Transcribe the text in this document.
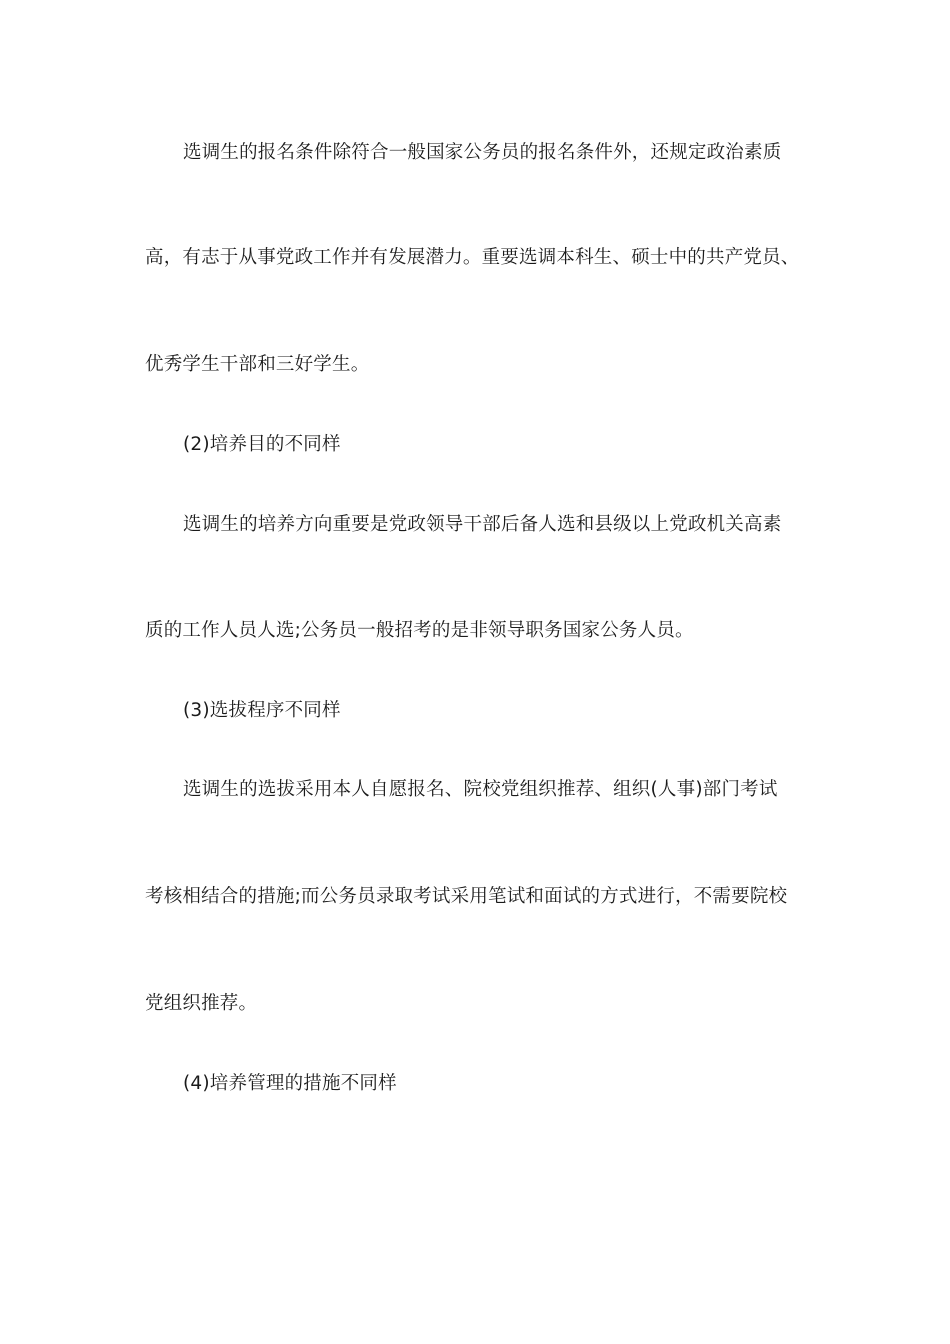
选调生的报名条件除符合一般国家公务员的报名条件外，还规定政治素质
高，有志于从事党政工作并有发展潜力。重要选调本科生、硕士中的共产党员、
优秀学生干部和三好学生。
(2)培养目的不同样
选调生的培养方向重要是党政领导干部后备人选和县级以上党政机关高素
质的工作人员人选;公务员一般招考的是非领导职务国家公务人员。
(3)选拔程序不同样
选调生的选拔采用本人自愿报名、院校党组织推荐、组织(人事)部门考试
考核相结合的措施;而公务员录取考试采用笔试和面试的方式进行，不需要院校
党组织推荐。
(4)培养管理的措施不同样
